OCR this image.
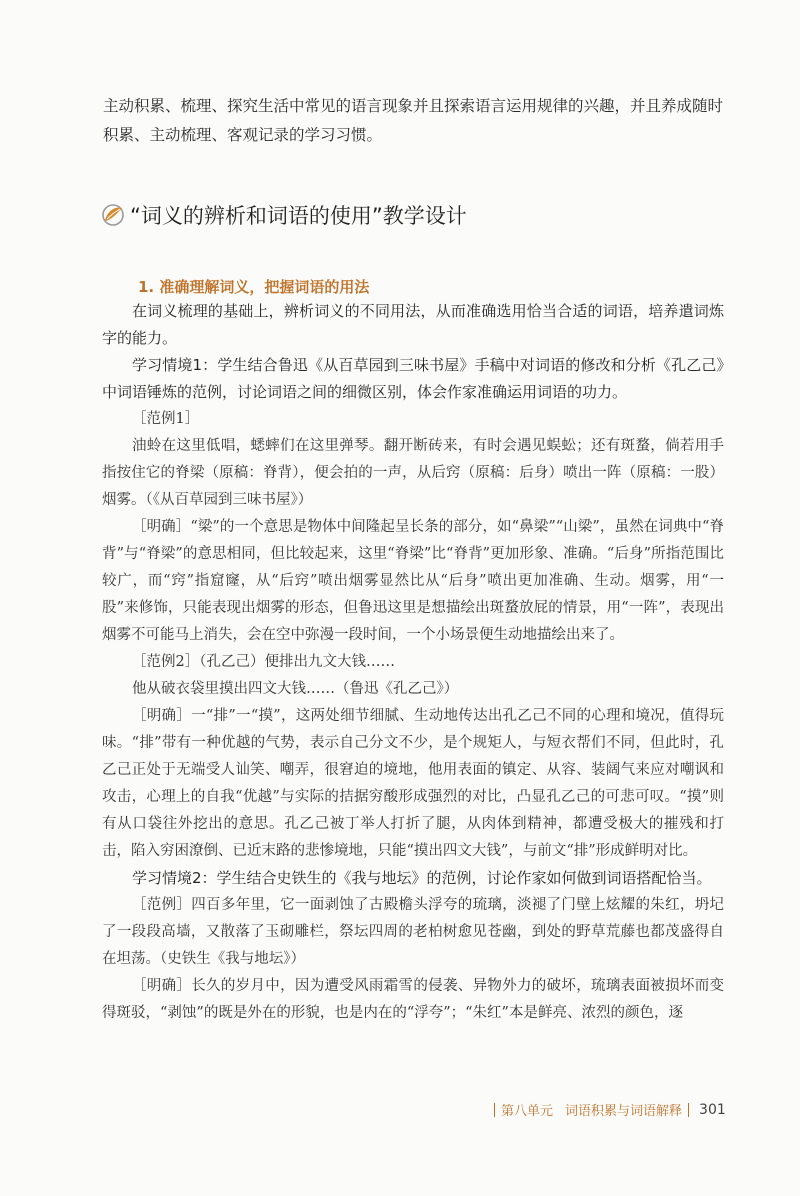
主动积累、梳理、探究生活中常见的语言现象并且探索语言运用规律的兴趣，并且养成随时积累、主动梳理、客观记录的学习习惯。
“词义的辨析和词语的使用”教学设计
1. 准确理解词义，把握词语的用法

在词义梳理的基础上，辨析词义的不同用法，从而准确选用恰当合适的词语，培养遣词炼字的能力。

学习情境1：学生结合鲁迅《从百草园到三味书屋》手稿中对词语的修改和分析《孔乙己》中词语锤炼的范例，讨论词语之间的细微区别，体会作家准确运用词语的功力。

［范例1］

油蛉在这里低唱，蟋蟀们在这里弹琴。翻开断砖来，有时会遇见蜈蚣；还有斑蝥，倘若用手指按住它的脊梁（原稿：脊背），便会拍的一声，从后窍（原稿：后身）喷出一阵（原稿：一股）烟雾。（《从百草园到三味书屋》）

［明确］“梁”的一个意思是物体中间隆起呈长条的部分，如“鼻梁”“山梁”，虽然在词典中“脊背”与“脊梁”的意思相同，但比较起来，这里“脊梁”比“脊背”更加形象、准确。“后身”所指范围比较广，而“窍”指窟窿，从“后窍”喷出烟雾显然比从“后身”喷出更加准确、生动。烟雾，用“一股”来修饰，只能表现出烟雾的形态，但鲁迅这里是想描绘出斑蝥放屁的情景，用“一阵”，表现出烟雾不可能马上消失，会在空中弥漫一段时间，一个小场景便生动地描绘出来了。

［范例2］（孔乙己）便排出九文大钱……

他从破衣袋里摸出四文大钱……（鲁迅《孔乙己》）

［明确］一“排”一“摸”，这两处细节细腻、生动地传达出孔乙己不同的心理和境况，值得玩味。“排”带有一种优越的气势，表示自己分文不少，是个规矩人，与短衣帮们不同，但此时，孔乙己正处于无端受人讪笑、嘲弄，很窘迫的境地，他用表面的镇定、从容、装阔气来应对嘲讽和攻击，心理上的自我“优越”与实际的拮据穷酸形成强烈的对比，凸显孔乙己的可悲可叹。“摸”则有从口袋往外挖出的意思。孔乙己被丁举人打折了腿，从肉体到精神，都遭受极大的摧残和打击，陷入穷困潦倒、已近末路的悲惨境地，只能“摸出四文大钱”，与前文“排”形成鲜明对比。

学习情境2：学生结合史铁生的《我与地坛》的范例，讨论作家如何做到词语搭配恰当。

［范例］四百多年里，它一面剥蚀了古殿檐头浮夸的琉璃，淡褪了门壁上炫耀的朱红，坍圮了一段段高墙，又散落了玉砌雕栏，祭坛四周的老柏树愈见苍幽，到处的野草荒藤也都茂盛得自在坦荡。（史铁生《我与地坛》）

［明确］长久的岁月中，因为遭受风雨霜雪的侵袭、异物外力的破坏，琉璃表面被损坏而变得斑驳，“剥蚀”的既是外在的形貌，也是内在的“浮夸”；“朱红”本是鲜亮、浓烈的颜色，逐

第八单元 词语积累与词语解释 301
